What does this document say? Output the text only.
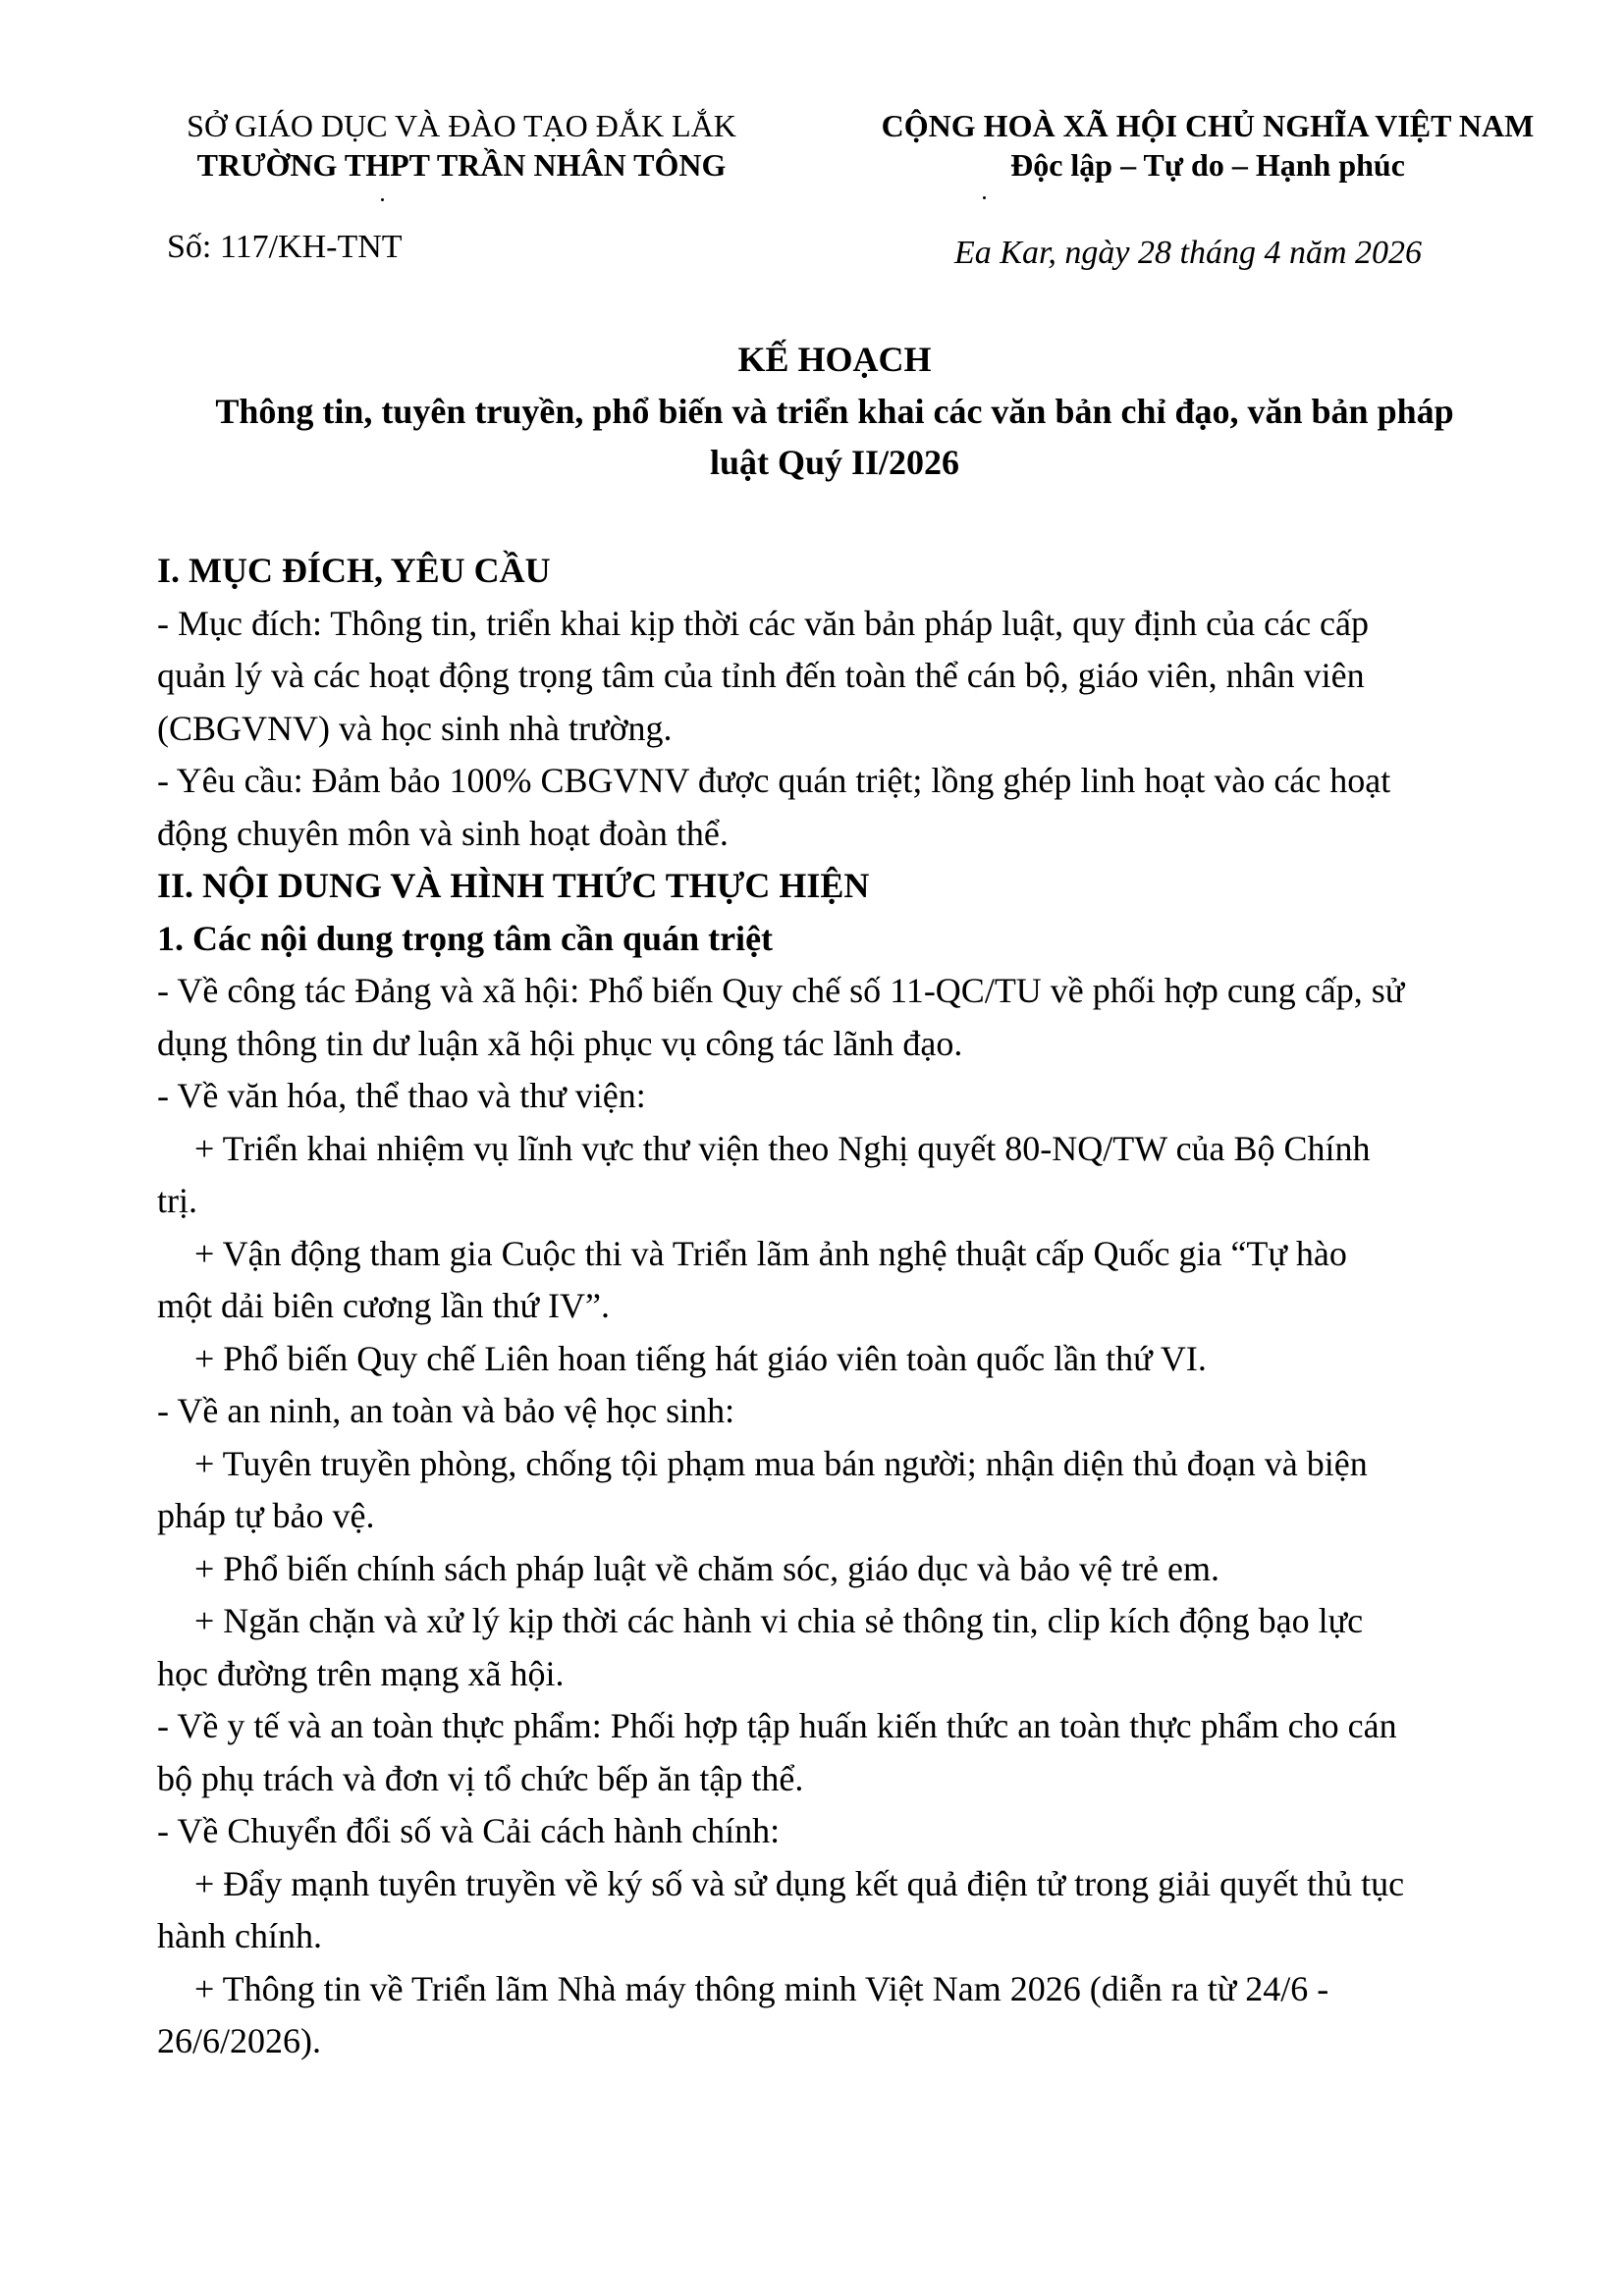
SỞ GIÁO DỤC VÀ ĐÀO TẠO ĐẮK LẮK
TRƯỜNG THPT TRẦN NHÂN TÔNG
Số: 117/KH-TNT
CỘNG HOÀ XÃ HỘI CHỦ NGHĨA VIỆT NAM
Độc lập – Tự do – Hạnh phúc
Ea Kar, ngày 28 tháng 4 năm 2026
KẾ HOẠCH
Thông tin, tuyên truyền, phổ biến và triển khai các văn bản chỉ đạo, văn bản pháp
luật Quý II/2026
I. MỤC ĐÍCH, YÊU CẦU
- Mục đích: Thông tin, triển khai kịp thời các văn bản pháp luật, quy định của các cấp
quản lý và các hoạt động trọng tâm của tỉnh đến toàn thể cán bộ, giáo viên, nhân viên
(CBGVNV) và học sinh nhà trường.
- Yêu cầu: Đảm bảo 100% CBGVNV được quán triệt; lồng ghép linh hoạt vào các hoạt
động chuyên môn và sinh hoạt đoàn thể.
II. NỘI DUNG VÀ HÌNH THỨC THỰC HIỆN
1. Các nội dung trọng tâm cần quán triệt
- Về công tác Đảng và xã hội: Phổ biến Quy chế số 11-QC/TU về phối hợp cung cấp, sử
dụng thông tin dư luận xã hội phục vụ công tác lãnh đạo.
- Về văn hóa, thể thao và thư viện:
+ Triển khai nhiệm vụ lĩnh vực thư viện theo Nghị quyết 80-NQ/TW của Bộ Chính
trị.
+ Vận động tham gia Cuộc thi và Triển lãm ảnh nghệ thuật cấp Quốc gia “Tự hào
một dải biên cương lần thứ IV”.
+ Phổ biến Quy chế Liên hoan tiếng hát giáo viên toàn quốc lần thứ VI.
- Về an ninh, an toàn và bảo vệ học sinh:
+ Tuyên truyền phòng, chống tội phạm mua bán người; nhận diện thủ đoạn và biện
pháp tự bảo vệ.
+ Phổ biến chính sách pháp luật về chăm sóc, giáo dục và bảo vệ trẻ em.
+ Ngăn chặn và xử lý kịp thời các hành vi chia sẻ thông tin, clip kích động bạo lực
học đường trên mạng xã hội.
- Về y tế và an toàn thực phẩm: Phối hợp tập huấn kiến thức an toàn thực phẩm cho cán
bộ phụ trách và đơn vị tổ chức bếp ăn tập thể.
- Về Chuyển đổi số và Cải cách hành chính:
+ Đẩy mạnh tuyên truyền về ký số và sử dụng kết quả điện tử trong giải quyết thủ tục
hành chính.
+ Thông tin về Triển lãm Nhà máy thông minh Việt Nam 2026 (diễn ra từ 24/6 -
26/6/2026).
